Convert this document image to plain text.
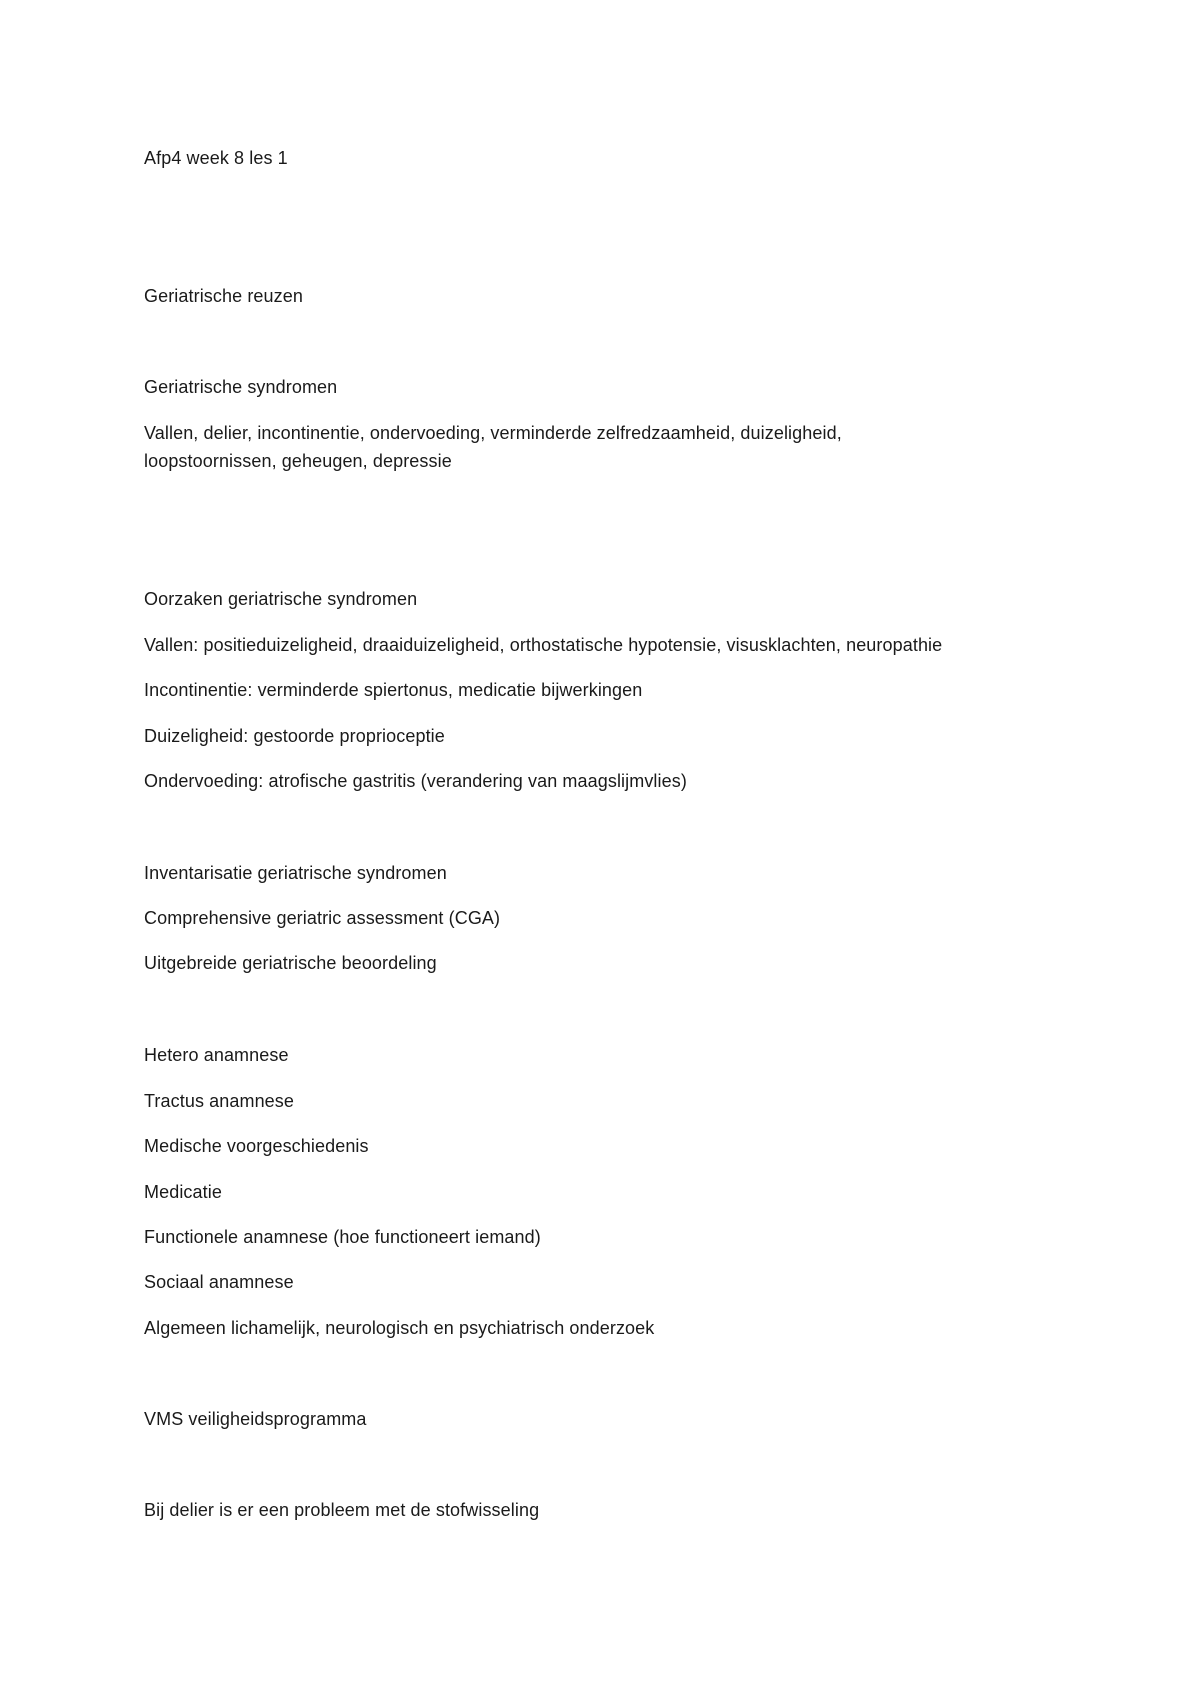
Afp4 week 8 les 1
Geriatrische reuzen
Geriatrische syndromen
Vallen, delier, incontinentie, ondervoeding, verminderde zelfredzaamheid, duizeligheid,
loopstoornissen, geheugen, depressie
Oorzaken geriatrische syndromen
Vallen: positieduizeligheid, draaiduizeligheid, orthostatische hypotensie, visusklachten, neuropathie
Incontinentie: verminderde spiertonus, medicatie bijwerkingen
Duizeligheid: gestoorde proprioceptie
Ondervoeding: atrofische gastritis (verandering van maagslijmvlies)
Inventarisatie geriatrische syndromen
Comprehensive geriatric assessment (CGA)
Uitgebreide geriatrische beoordeling
Hetero anamnese
Tractus anamnese
Medische voorgeschiedenis
Medicatie
Functionele anamnese (hoe functioneert iemand)
Sociaal anamnese
Algemeen lichamelijk, neurologisch en psychiatrisch onderzoek
VMS veiligheidsprogramma
Bij delier is er een probleem met de stofwisseling
